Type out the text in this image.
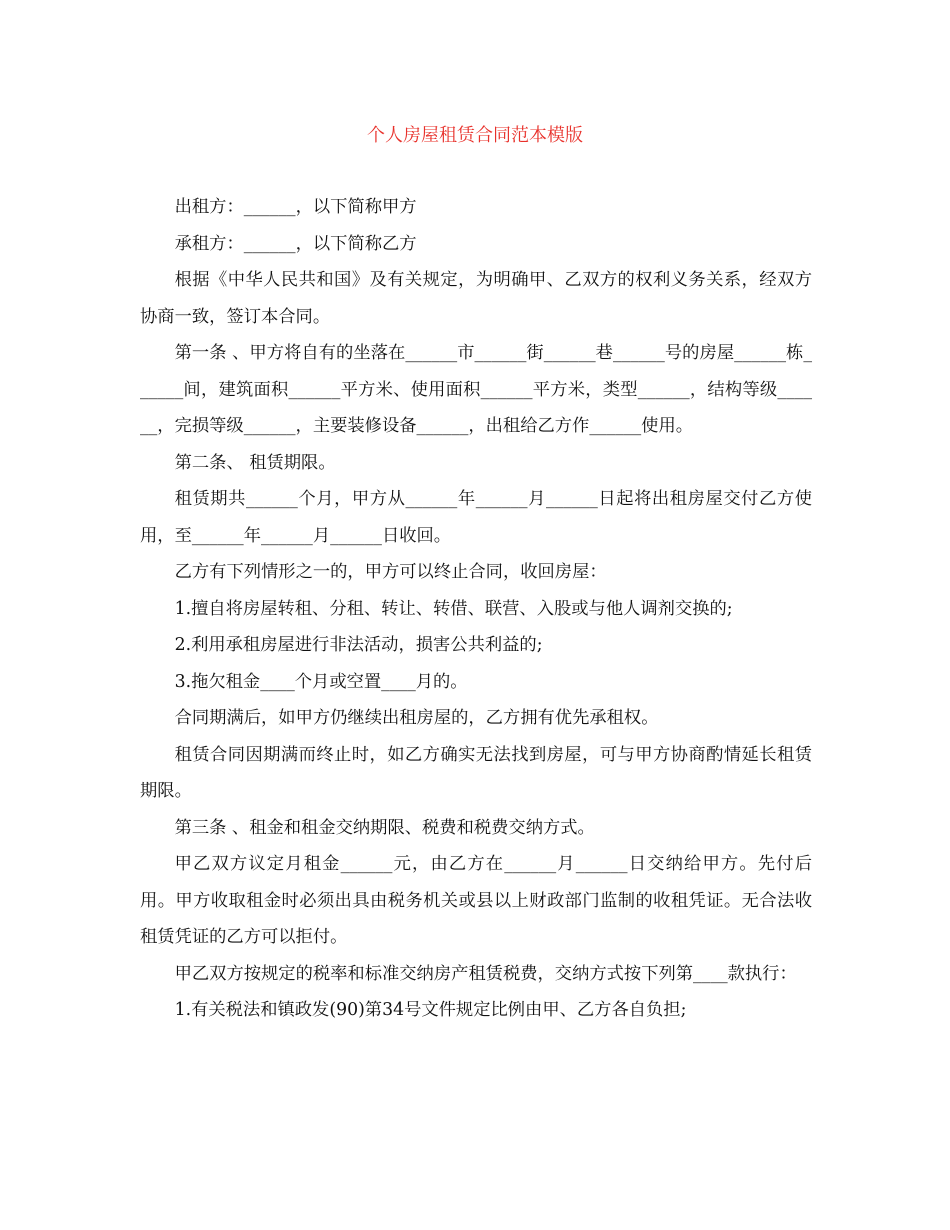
个人房屋租赁合同范本模版

出租方：______，以下简称甲方

承租方：______，以下简称乙方

根据《中华人民共和国》及有关规定，为明确甲、乙双方的权利义务关系，经双方协商一致，签订本合同。

第一条 、甲方将自有的坐落在______市______街______巷______号的房屋______栋______间，建筑面积______平方米、使用面积______平方米，类型______，结构等级______，完损等级______，主要装修设备______，出租给乙方作______使用。

第二条、 租赁期限。

租赁期共______个月，甲方从______年______月______日起将出租房屋交付乙方使用，至______年______月______日收回。

乙方有下列情形之一的，甲方可以终止合同，收回房屋：

1.擅自将房屋转租、分租、转让、转借、联营、入股或与他人调剂交换的;

2.利用承租房屋进行非法活动，损害公共利益的;

3.拖欠租金____个月或空置____月的。

合同期满后，如甲方仍继续出租房屋的，乙方拥有优先承租权。

租赁合同因期满而终止时，如乙方确实无法找到房屋，可与甲方协商酌情延长租赁期限。

第三条 、租金和租金交纳期限、税费和税费交纳方式。

甲乙双方议定月租金______元，由乙方在______月______日交纳给甲方。先付后用。甲方收取租金时必须出具由税务机关或县以上财政部门监制的收租凭证。无合法收租赁凭证的乙方可以拒付。

甲乙双方按规定的税率和标准交纳房产租赁税费，交纳方式按下列第____款执行：

1.有关税法和镇政发(90)第34号文件规定比例由甲、乙方各自负担;
